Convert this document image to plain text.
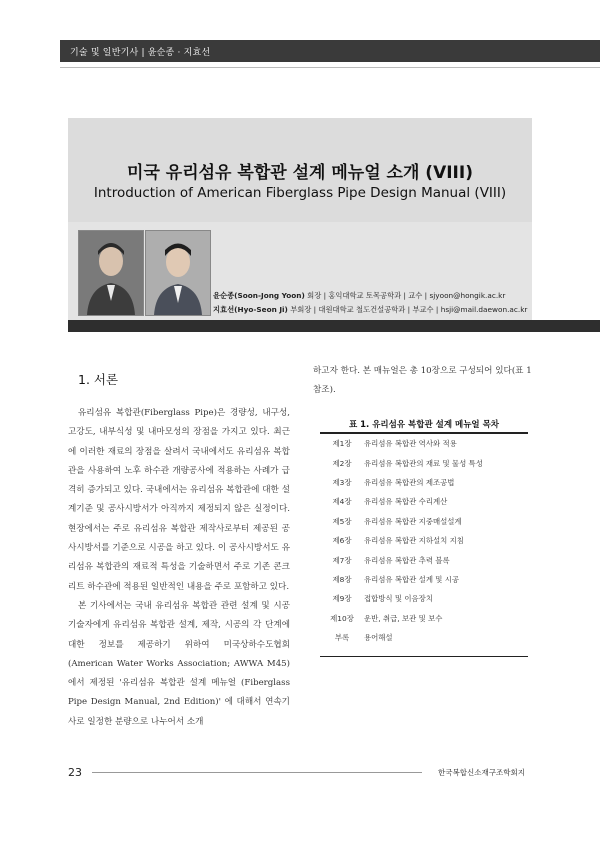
기술 및 일반기사 | 윤순종 · 지효선
미국 유리섬유 복합관 설계 메뉴얼 소개 (VIII)
Introduction of American Fiberglass Pipe Design Manual (VIII)
윤순종(Soon-Jong Yoon) 회장 | 홍익대학교 토목공학과 | 교수 | sjyoon@hongik.ac.kr
지효선(Hyo-Seon Ji) 부회장 | 대원대학교 철도건설공학과 | 부교수 | hsji@mail.daewon.ac.kr
1. 서론

유리섬유 복합관(Fiberglass Pipe)은 경량성, 내구성, 고강도, 내부식성 및 내마모성의 장점을 가지고 있다. 최근에 이러한 재료의 장점을 살려서 국내에서도 유리섬유 복합관을 사용하여 노후 하수관 개량공사에 적용하는 사례가 급격히 증가되고 있다. 국내에서는 유리섬유 복합관에 대한 설계기준 및 공사시방서가 아직까지 제정되지 않은 실정이다. 현장에서는 주로 유리섬유 복합관 제작사로부터 제공된 공사시방서를 기준으로 시공을 하고 있다. 이 공사시방서도 유리섬유 복합관의 재료적 특성을 기술하면서 주로 기존 콘크리트 하수관에 적용된 일반적인 내용을 주로 포함하고 있다.

본 기사에서는 국내 유리섬유 복합관 관련 설계 및 시공 기술자에게 유리섬유 복합관 설계, 제작, 시공의 각 단계에 대한 정보를 제공하기 위하여 미국상하수도협회(American Water Works Association; AWWA M45) 에서 제정된 '유리섬유 복합관 설계 메뉴얼 (Fiberglass Pipe Design Manual, 2nd Edition)' 에 대해서 연속기사로 일정한 분량으로 나누어서 소개

하고자 한다. 본 매뉴얼은 총 10장으로 구성되어 있다(표 1 참조).

표 1. 유리섬유 복합관 설계 메뉴얼 목차
제1장	유리섬유 복합관 역사와 적용
제2장	유리섬유 복합관의 재료 및 물성 특성
제3장	유리섬유 복합관의 제조공법
제4장	유리섬유 복합관 수리계산
제5장	유리섬유 복합관 지중매설설계
제6장	유리섬유 복합관 지하설치 지침
제7장	유리섬유 복합관 추력 블록
제8장	유리섬유 복합관 설계 및 시공
제9장	접합방식 및 이음장치
제10장	운반, 취급, 보관 및 보수
부록	용어해설
23	한국복합신소재구조학회지
